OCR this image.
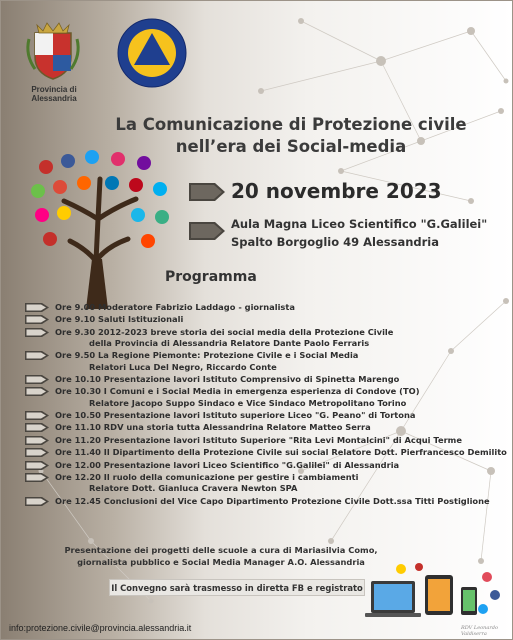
Provincia di Alessandria
La Comunicazione di Protezione civile
nell’era dei Social-media
20 novembre 2023
Aula Magna Liceo Scientifico "G.Galilei"
Spalto Borgoglio 49 Alessandria
Programma
Ore 9.00 Moderatore Fabrizio Laddago - giornalista
Ore 9.10 Saluti Istituzionali
Ore 9.30 2012-2023 breve storia dei social media della Protezione Civile
della Provincia di Alessandria Relatore Dante Paolo Ferraris
Ore 9.50 La Regione Piemonte: Protezione Civile e i Social Media
Relatori Luca Del Negro, Riccardo Conte
Ore 10.10 Presentazione lavori Istituto Comprensivo di Spinetta Marengo
Ore 10.30 I Comuni e i Social Media in emergenza esperienza di Condove (TO)
Relatore Jacopo Suppo Sindaco e Vice Sindaco Metropolitano Torino
Ore 10.50 Presentazione lavori Istituto superiore Liceo "G. Peano" di Tortona
Ore 11.10 RDV una storia tutta Alessandrina Relatore Matteo Serra
Ore 11.20 Presentazione lavori Istituto Superiore "Rita Levi Montalcini" di Acqui Terme
Ore 11.40 Il Dipartimento della Protezione Civile sui social Relatore Dott. Pierfrancesco Demilito
Ore 12.00 Presentazione lavori Liceo Scientifico "G.Galilei" di Alessandria
Ore 12.20 Il ruolo della comunicazione per gestire i cambiamenti
Relatore Dott. Gianluca Cravera Newton SPA
Ore 12.45 Conclusioni del Vice Capo Dipartimento Protezione Civile Dott.ssa Titti Postiglione
Presentazione dei progetti delle scuole a cura di Mariasilvia Como,
giornalista pubblico e Social Media Manager A.O. Alessandria
Il Convegno sarà trasmesso in diretta FB e registrato
info:protezione.civile@provincia.alessandria.it	RDV Leonardo Valdiserra
